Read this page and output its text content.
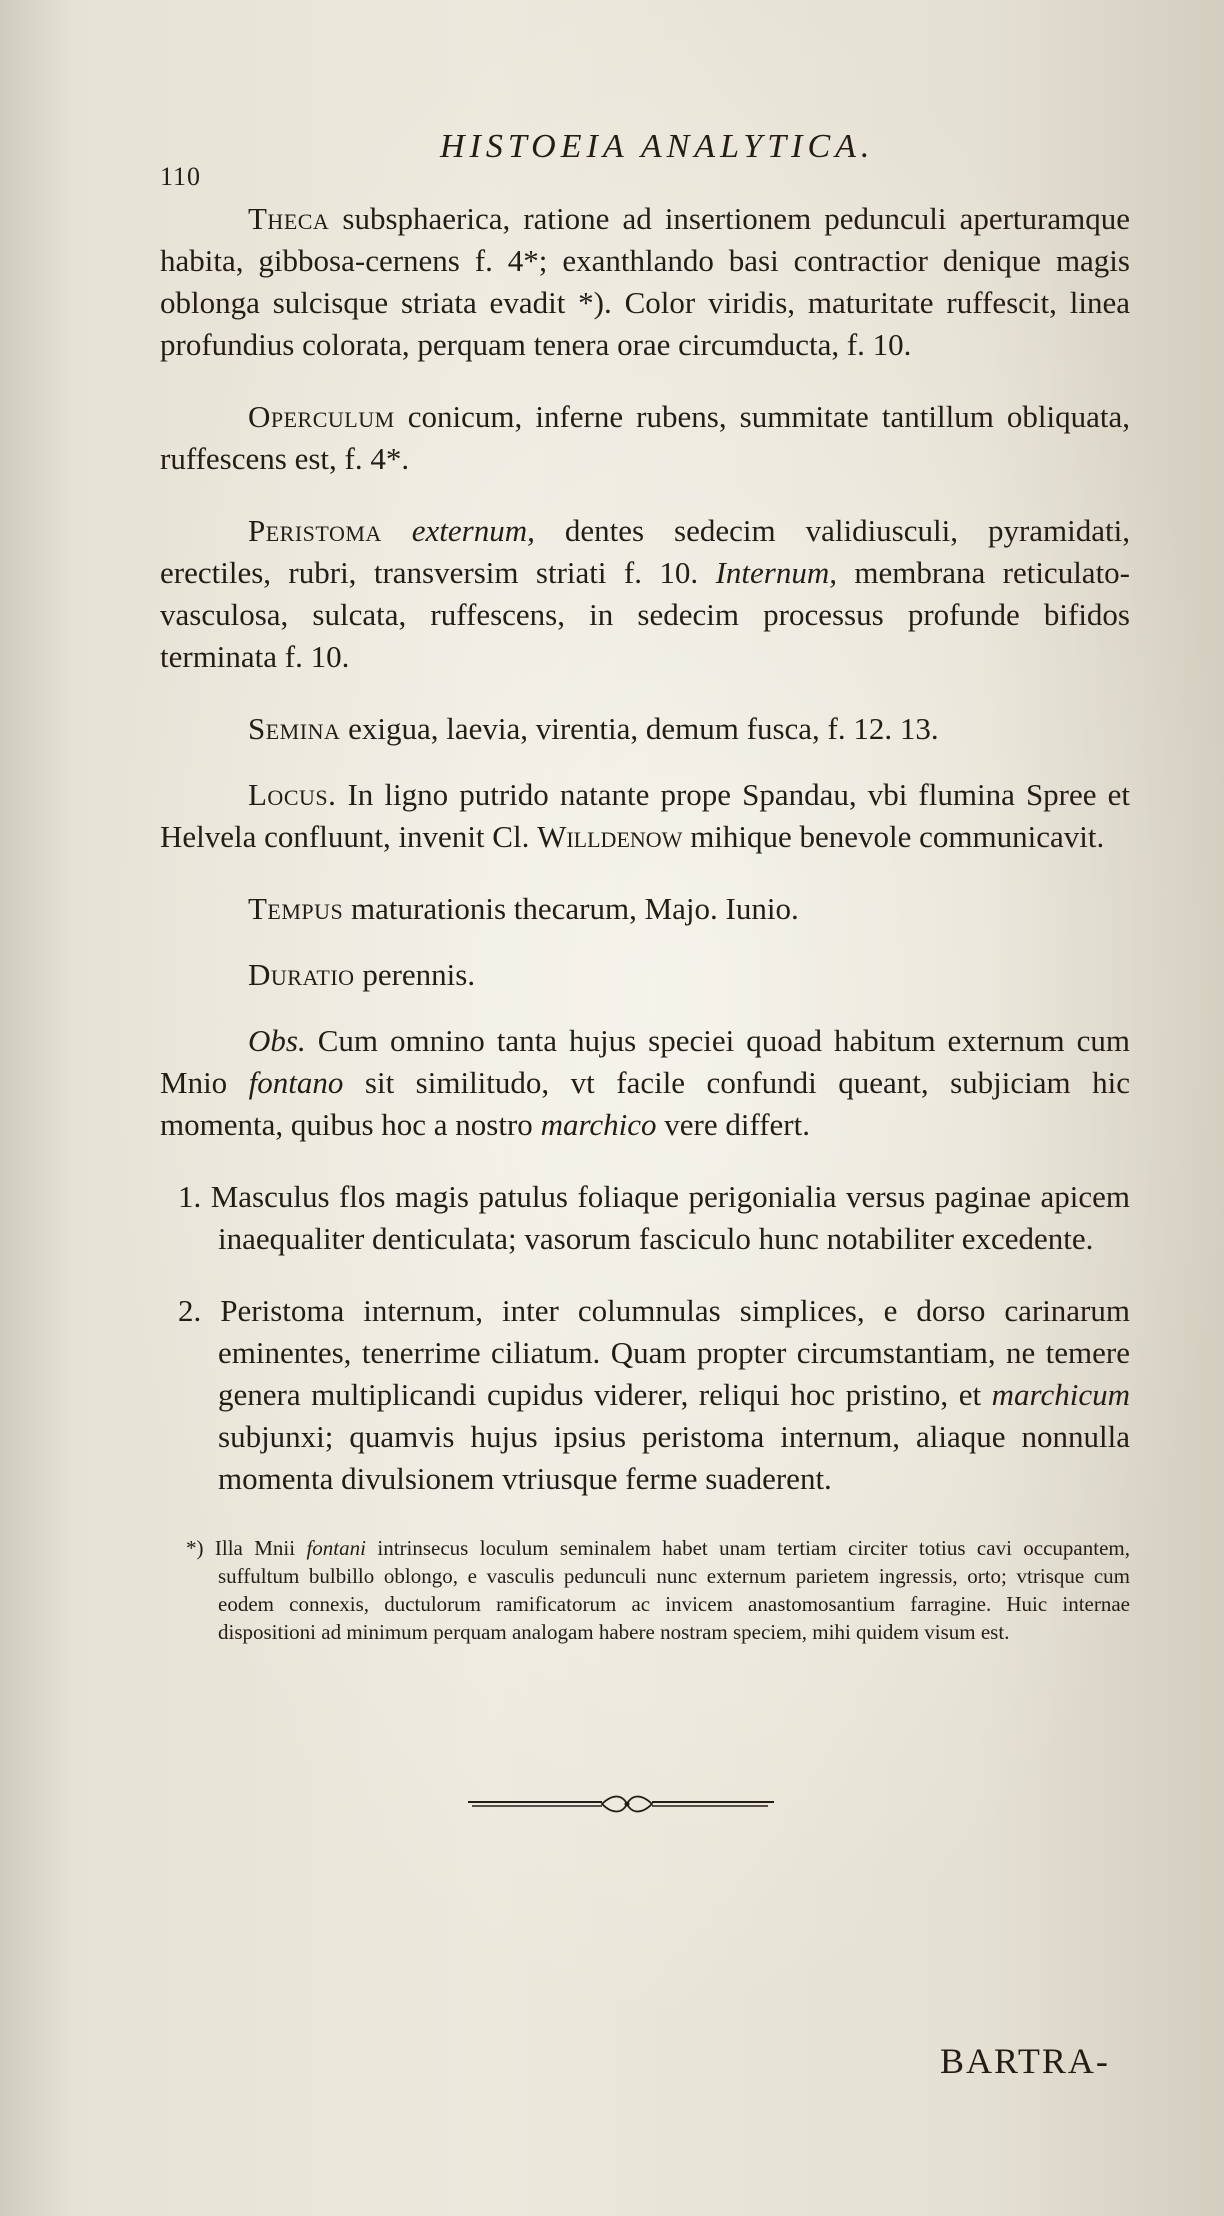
110
HISTOEIA ANALYTICA.

Theca subsphaerica, ratione ad insertionem pedunculi aperturamque habita, gibbosa-cernens f. 4*; exanthlando basi contractior denique magis oblonga sulcisque striata evadit *). Color viridis, maturitate ruffescit, linea profundius colorata, perquam tenera orae circumducta, f. 10.

Operculum conicum, inferne rubens, summitate tantillum obliquata, ruffescens est, f. 4*.

Peristoma externum, dentes sedecim validiusculi, pyramidati, erectiles, rubri, transversim striati f. 10. Internum, membrana reticulato-vasculosa, sulcata, ruffescens, in sedecim processus profunde bifidos terminata f. 10.

Semina exigua, laevia, virentia, demum fusca, f. 12. 13.

Locus. In ligno putrido natante prope Spandau, vbi flumina Spree et Helvela confluunt, invenit Cl. Willdenow mihique benevole communicavit.

Tempus maturationis thecarum, Majo. Iunio.

Duratio perennis.

Obs. Cum omnino tanta hujus speciei quoad habitum externum cum Mnio fontano sit similitudo, vt facile confundi queant, subjiciam hic momenta, quibus hoc a nostro marchico vere differt.

1. Masculus flos magis patulus foliaque perigonialia versus paginae apicem inaequaliter denticulata; vasorum fasciculo hunc notabiliter excedente.

2. Peristoma internum, inter columnulas simplices, e dorso carinarum eminentes, tenerrime ciliatum. Quam propter circumstantiam, ne temere genera multiplicandi cupidus viderer, reliqui hoc pristino, et marchicum subjunxi; quamvis hujus ipsius peristoma internum, aliaque nonnulla momenta divulsionem vtriusque ferme suaderent.

*) Illa Mnii fontani intrinsecus loculum seminalem habet unam tertiam circiter totius cavi occupantem, suffultum bulbillo oblongo, e vasculis pedunculi nunc externum parietem ingressis, orto; vtrisque cum eodem connexis, ductulorum ramificatorum ac invicem anastomosantium farragine. Huic internae dispositioni ad minimum perquam analogam habere nostram speciem, mihi quidem visum est.

BARTRA-
